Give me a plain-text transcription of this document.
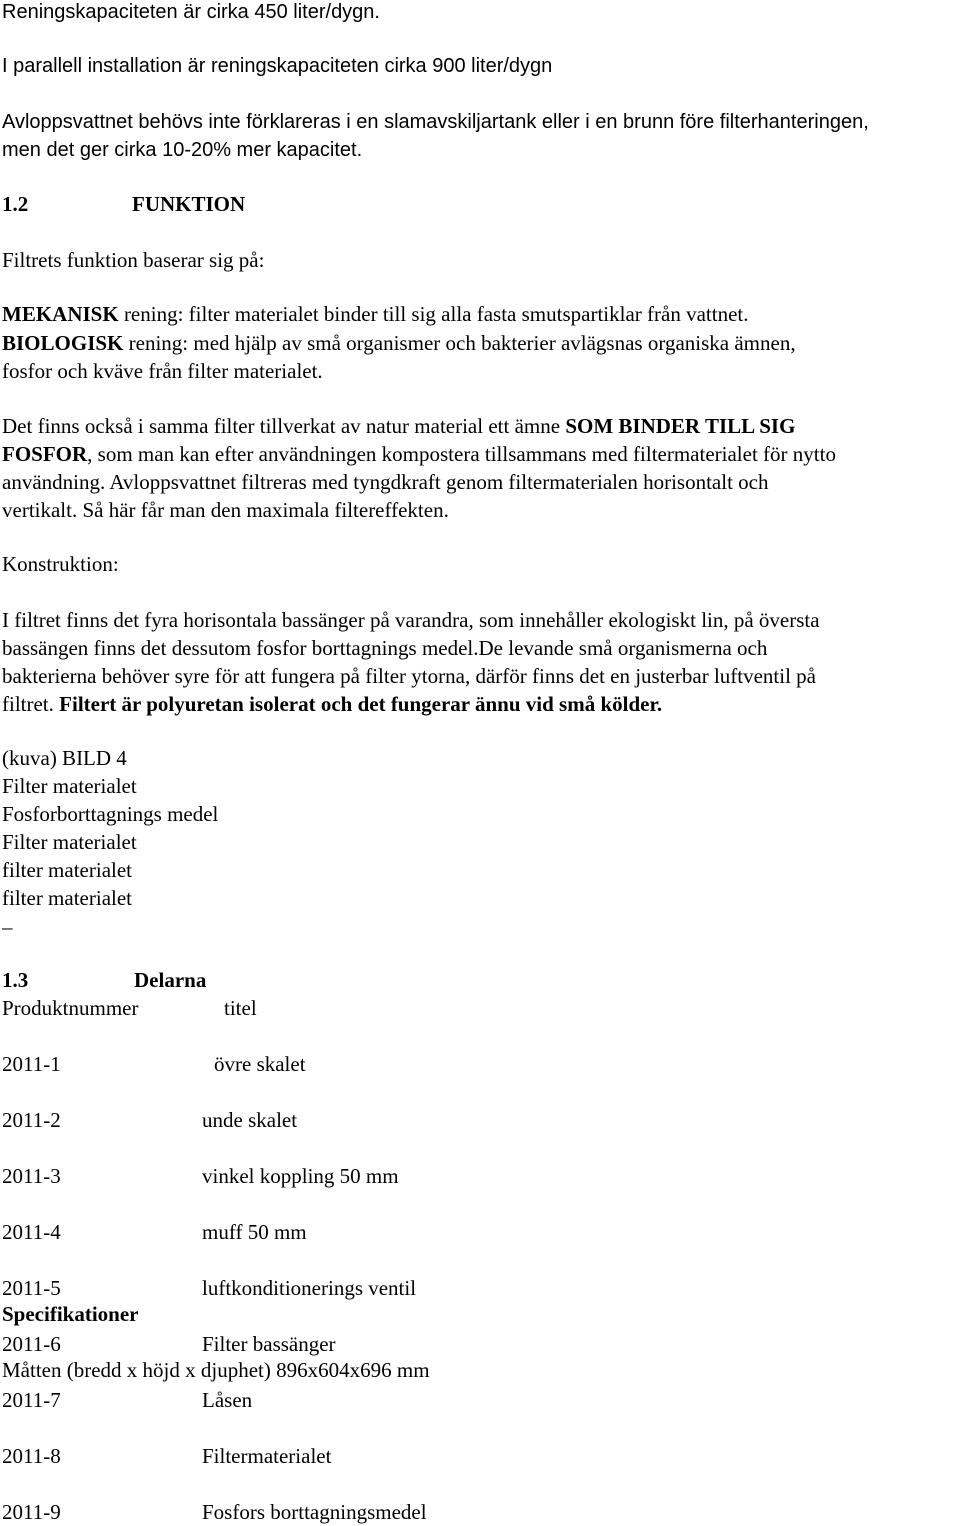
Reningskapaciteten är cirka 450 liter/dygn.
I parallell installation är reningskapaciteten cirka 900 liter/dygn
Avloppsvattnet behövs inte förklareras i en slamavskiljartank eller i en brunn före filterhanteringen,
men det ger cirka 10-20% mer kapacitet.
1.2	FUNKTION
Filtrets funktion baserar sig på:
MEKANISK rening: filter materialet binder till sig alla fasta smutspartiklar från vattnet.
BIOLOGISK rening: med hjälp av små organismer och bakterier avlägsnas organiska ämnen,
fosfor och kväve från filter materialet.
Det finns också i samma filter tillverkat av natur material ett ämne SOM BINDER TILL SIG
FOSFOR, som man kan efter användningen kompostera tillsammans med filtermaterialet för nytto
användning. Avloppsvattnet filtreras med tyngdkraft genom filtermaterialen horisontalt och
vertikalt. Så här får man den maximala filtereffekten.
Konstruktion:
I filtret finns det fyra horisontala bassänger på varandra, som innehåller ekologiskt lin, på översta
bassängen finns det dessutom fosfor borttagnings medel.De levande små organismerna och
bakterierna behöver syre för att fungera på filter ytorna, därför finns det en justerbar luftventil på
filtret. Filtert är polyuretan isolerat och det fungerar ännu vid små kölder.
(kuva) BILD 4
Filter materialet
Fosforborttagnings medel
Filter materialet
filter materialet
filter materialet
_
1.3	Delarna
Produktnummer	titel
2011-1	övre skalet
2011-2	unde skalet
2011-3	vinkel koppling 50 mm
2011-4	muff 50 mm
2011-5	luftkonditionerings ventil
2011-6	Filter bassänger
2011-7	Låsen
2011-8	Filtermaterialet
2011-9	Fosfors borttagningsmedel
Specifikationer
Måtten (bredd x höjd x djuphet) 896x604x696 mm
